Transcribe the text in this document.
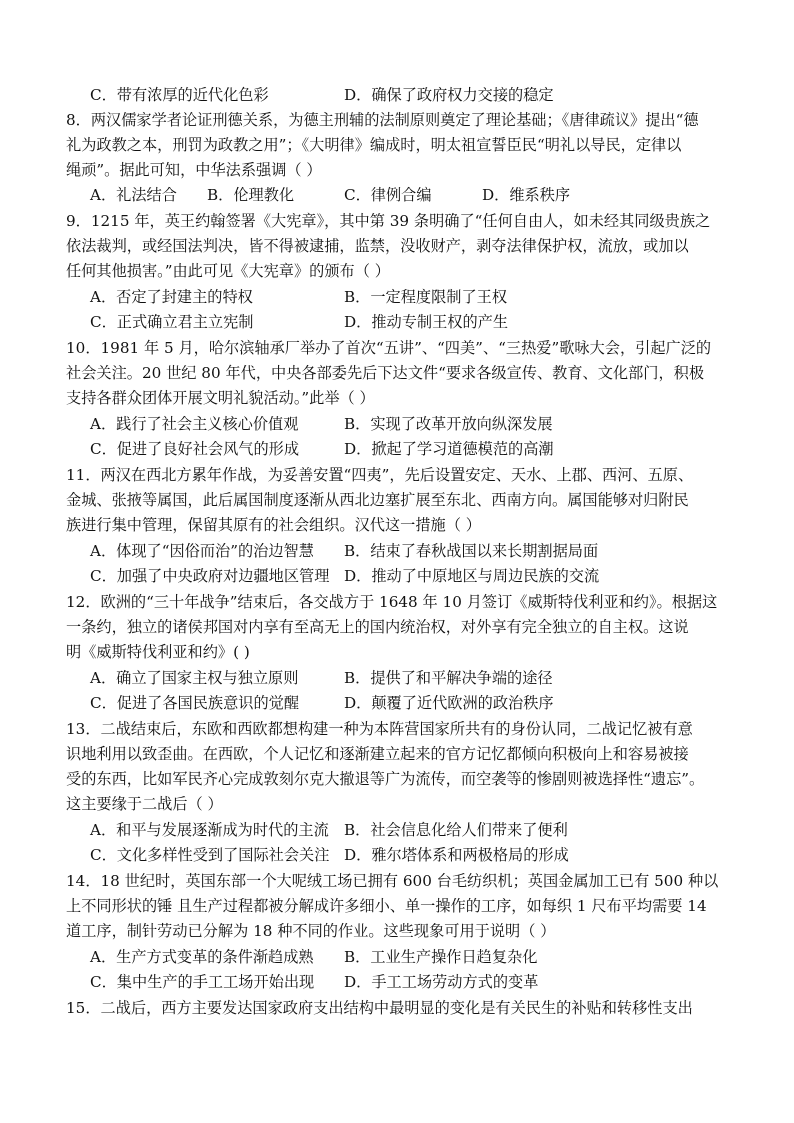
C．带有浓厚的近代化色彩	D．确保了政府权力交接的稳定
8．两汉儒家学者论证刑德关系，为德主刑辅的法制原则奠定了理论基础；《唐律疏议》提出“德
礼为政教之本，刑罚为政教之用”；《大明律》编成时，明太祖宣誓臣民“明礼以导民，定律以
绳顽”。据此可知，中华法系强调（ ）
A．礼法结合 B．伦理教化	C．律例合编	D．维系秩序
9．1215 年，英王约翰签署《大宪章》，其中第 39 条明确了“任何自由人，如未经其同级贵族之
依法裁判，或经国法判决，皆不得被逮捕，监禁，没收财产，剥夺法律保护权，流放，或加以
任何其他损害。”由此可见《大宪章》的颁布（ ）
A．否定了封建主的特权	B．一定程度限制了王权
C．正式确立君主立宪制	D．推动专制王权的产生
10．1981 年 5 月，哈尔滨轴承厂举办了首次“五讲”、“四美”、“三热爱”歌咏大会，引起广泛的
社会关注。20 世纪 80 年代，中央各部委先后下达文件“要求各级宣传、教育、文化部门，积极
支持各群众团体开展文明礼貌活动。”此举（ ）
A．践行了社会主义核心价值观	B．实现了改革开放向纵深发展
C．促进了良好社会风气的形成	D．掀起了学习道德模范的高潮
11．两汉在西北方累年作战，为妥善安置“四夷”，先后设置安定、天水、上郡、西河、五原、
金城、张掖等属国，此后属国制度逐渐从西北边塞扩展至东北、西南方向。属国能够对归附民
族进行集中管理，保留其原有的社会组织。汉代这一措施（ ）
A．体现了“因俗而治”的治边智慧 B．结束了春秋战国以来长期割据局面
C．加强了中央政府对边疆地区管理 D．推动了中原地区与周边民族的交流
12．欧洲的“三十年战争”结束后，各交战方于 1648 年 10 月签订《威斯特伐利亚和约》。根据这
一条约，独立的诸侯邦国对内享有至高无上的国内统治权，对外享有完全独立的自主权。这说
明《威斯特伐利亚和约》( )
A．确立了国家主权与独立原则	B．提供了和平解决争端的途径
C．促进了各国民族意识的觉醒	D．颠覆了近代欧洲的政治秩序
13．二战结束后，东欧和西欧都想构建一种为本阵营国家所共有的身份认同，二战记忆被有意
识地利用以致歪曲。在西欧，个人记忆和逐渐建立起来的官方记忆都倾向积极向上和容易被接
受的东西，比如军民齐心完成敦刻尔克大撤退等广为流传，而空袭等的惨剧则被选择性“遗忘”。
这主要缘于二战后（ ）
A．和平与发展逐渐成为时代的主流 B．社会信息化给人们带来了便利
C．文化多样性受到了国际社会关注 D．雅尔塔体系和两极格局的形成
14．18 世纪时，英国东部一个大呢绒工场已拥有 600 台毛纺织机；英国金属加工已有 500 种以
上不同形状的锤 且生产过程都被分解成许多细小、单一操作的工序，如每织 1 尺布平均需要 14
道工序，制针劳动已分解为 18 种不同的作业。这些现象可用于说明（ ）
A．生产方式变革的条件渐趋成熟 B．工业生产操作日趋复杂化
C．集中生产的手工工场开始出现 D．手工工场劳动方式的变革
15．二战后，西方主要发达国家政府支出结构中最明显的变化是有关民生的补贴和转移性支出
